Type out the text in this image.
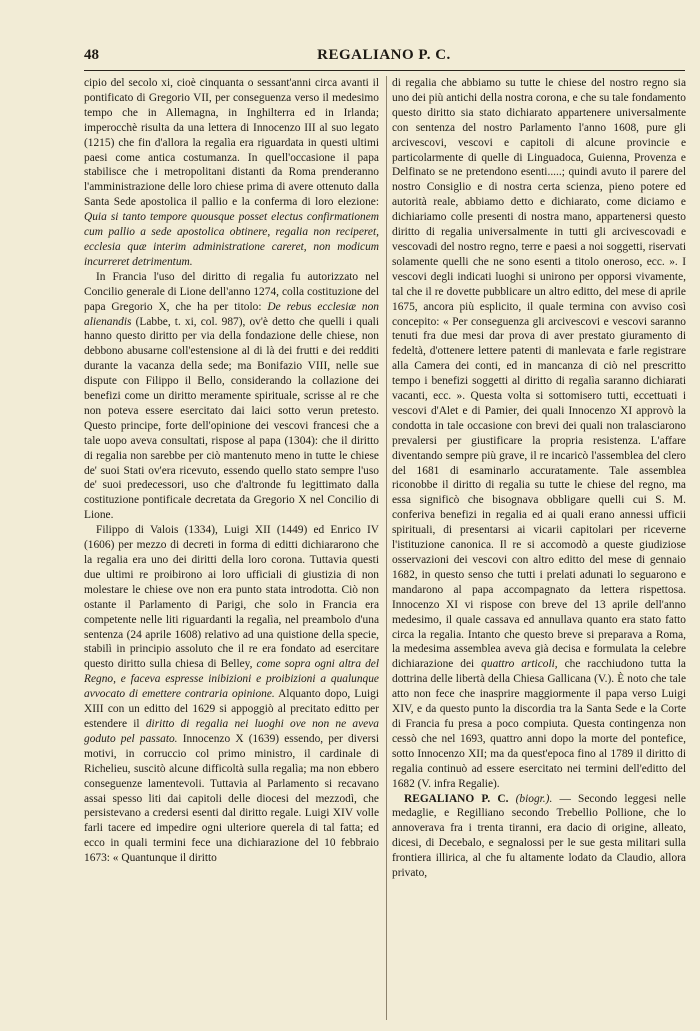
48	REGALIANO P. C.

cipio del secolo xi, cioè cinquanta o sessant'anni circa avanti il pontificato di Gregorio VII, per conseguenza verso il medesimo tempo che in Allemagna, in Inghilterra ed in Irlanda; imperocchè risulta da una lettera di Innocenzo III al suo legato (1215) che fin d'allora la regalìa era riguardata in questi ultimi paesi come antica costumanza. In quell'occasione il papa stabilisce che i metropolitani distanti da Roma prenderanno l'amministrazione delle loro chiese prima di avere ottenuto dalla Santa Sede apostolica il pallio e la conferma di loro elezione: Quia si tanto tempore quousque posset electus confirmationem cum pallio a sede apostolica obtinere, regalia non reciperet, ecclesia quæ interim administratione careret, non modicum incurreret detrimentum.

In Francia l'uso del diritto di regalia fu autorizzato nel Concilio generale di Lione dell'anno 1274, colla costituzione del papa Gregorio X, che ha per titolo: De rebus ecclesiæ non alienandis (Labbe, t. xi, col. 987), ov'è detto che quelli i quali hanno questo diritto per via della fondazione delle chiese, non debbono abusarne coll'estensione al di là dei frutti e dei redditi durante la vacanza della sede; ma Bonifazio VIII, nelle sue dispute con Filippo il Bello, considerando la collazione dei benefizi come un diritto meramente spirituale, scrisse al re che non poteva essere esercitato dai laici sotto verun pretesto. Questo principe, forte dell'opinione dei vescovi francesi che a tale uopo aveva consultati, rispose al papa (1304): che il diritto di regalia non sarebbe per ciò mantenuto meno in tutte le chiese de' suoi Stati ov'era ricevuto, essendo quello stato sempre l'uso de' suoi predecessori, uso che d'altronde fu legittimato dalla costituzione pontificale decretata da Gregorio X nel Concilio di Lione.

Filippo di Valois (1334), Luigi XII (1449) ed Enrico IV (1606) per mezzo di decreti in forma di editti dichiararono che la regalia era uno dei diritti della loro corona. Tuttavia questi due ultimi re proibirono ai loro ufficiali di giustizia di non molestare le chiese ove non era punto stata introdotta. Ciò non ostante il Parlamento di Parigi, che solo in Francia era competente nelle liti riguardanti la regalìa, nel preambolo d'una sentenza (24 aprile 1608) relativo ad una quistione della specie, stabilì in principio assoluto che il re era fondato ad esercitare questo diritto sulla chiesa di Belley, come sopra ogni altra del Regno, e faceva espresse inibizioni e proibizioni a qualunque avvocato di emettere contraria opinione. Alquanto dopo, Luigi XIII con un editto del 1629 si appoggiò al precitato editto per estendere il diritto di regalia nei luoghi ove non ne aveva goduto pel passato. Innocenzo X (1639) essendo, per diversi motivi, in corruccio col primo ministro, il cardinale di Richelieu, suscitò alcune difficoltà sulla regalìa; ma non ebbero conseguenze lamentevoli. Tuttavia al Parlamento si recavano assai spesso liti dai capitoli delle diocesi del mezzodì, che persistevano a credersi esenti dal diritto regale. Luigi XIV volle farli tacere ed impedire ogni ulteriore querela di tal fatta; ed ecco in quali termini fece una dichiarazione del 10 febbraio 1673: « Quantunque il diritto

di regalia che abbiamo su tutte le chiese del nostro regno sia uno dei più antichi della nostra corona, e che su tale fondamento questo diritto sia stato dichiarato appartenere universalmente con sentenza del nostro Parlamento l'anno 1608, pure gli arcivescovi, vescovi e capitoli di alcune provincie e particolarmente di quelle di Linguadoca, Guienna, Provenza e Delfinato se ne pretendono esenti.....; quindi avuto il parere del nostro Consiglio e di nostra certa scienza, pieno potere ed autorità reale, abbiamo detto e dichiarato, come diciamo e dichiariamo colle presenti di nostra mano, appartenersi questo diritto di regalia universalmente in tutti gli arcivescovadi e vescovadi del nostro regno, terre e paesi a noi soggetti, riservati solamente quelli che ne sono esenti a titolo oneroso, ecc. ». I vescovi degli indicati luoghi si unirono per opporsi vivamente, tal che il re dovette pubblicare un altro editto, del mese di aprile 1675, ancora più esplicito, il quale termina con avviso così concepito: « Per conseguenza gli arcivescovi e vescovi saranno tenuti fra due mesi dar prova di aver prestato giuramento di fedeltà, d'ottenere lettere patenti di manlevata e farle registrare alla Camera dei conti, ed in mancanza di ciò nel prescritto tempo i benefizi soggetti al diritto di regalìa saranno dichiarati vacanti, ecc. ». Questa volta si sottomisero tutti, eccettuati i vescovi d'Alet e di Pamier, dei quali Innocenzo XI approvò la condotta in tale occasione con brevi dei quali non tralasciarono prevalersi per giustificare la propria resistenza. L'affare diventando sempre più grave, il re incaricò l'assemblea del clero del 1681 di esaminarlo accuratamente. Tale assemblea riconobbe il diritto di regalia su tutte le chiese del regno, ma essa significò che bisognava obbligare quelli cui S. M. conferiva benefizi in regalia ed ai quali erano annessi ufficii spirituali, di presentarsi ai vicarii capitolari per riceverne l'istituzione canonica. Il re si accomodò a queste giudiziose osservazioni dei vescovi con altro editto del mese di gennaio 1682, in questo senso che tutti i prelati adunati lo seguarono e mandarono al papa accompagnato da lettera rispettosa. Innocenzo XI vi rispose con breve del 13 aprile dell'anno medesimo, il quale cassava ed annullava quanto era stato fatto circa la regalia. Intanto che questo breve si preparava a Roma, la medesima assemblea aveva già decisa e formulata la celebre dichiarazione dei quattro articoli, che racchiudono tutta la dottrina delle libertà della Chiesa Gallicana (V.). È noto che tale atto non fece che inasprire maggiormente il papa verso Luigi XIV, e da questo punto la discordia tra la Santa Sede e la Corte di Francia fu presa a poco compiuta. Questa contingenza non cessò che nel 1693, quattro anni dopo la morte del pontefice, sotto Innocenzo XII; ma da quest'epoca fino al 1789 il diritto di regalia continuò ad essere esercitato nei termini dell'editto del 1682 (V. infra Regalie).

REGALIANO P. C. (biogr.). — Secondo leggesi nelle medaglie, e Regilliano secondo Trebellio Pollione, che lo annoverava fra i trenta tiranni, era dacio di origine, alleato, dicesi, di Decebalo, e segnalossi per le sue gesta militari sulla frontiera illirica, al che fu altamente lodato da Claudio, allora privato,
